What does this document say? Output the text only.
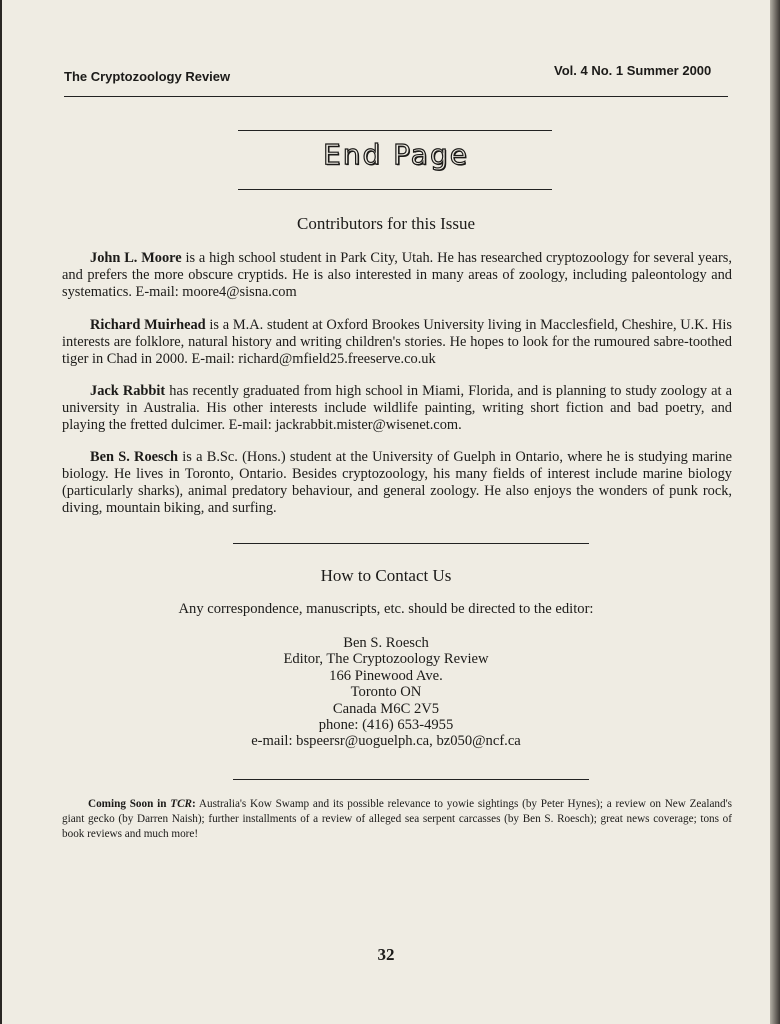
The Cryptozoology Review	Vol. 4 No. 1 Summer 2000
End Page
Contributors for this Issue
John L. Moore is a high school student in Park City, Utah. He has researched cryptozoology for several years, and prefers the more obscure cryptids. He is also interested in many areas of zoology, including paleontology and systematics. E-mail: moore4@sisna.com
Richard Muirhead is a M.A. student at Oxford Brookes University living in Macclesfield, Cheshire, U.K. His interests are folklore, natural history and writing children's stories. He hopes to look for the rumoured sabre-toothed tiger in Chad in 2000. E-mail: richard@mfield25.freeserve.co.uk
Jack Rabbit has recently graduated from high school in Miami, Florida, and is planning to study zoology at a university in Australia. His other interests include wildlife painting, writing short fiction and bad poetry, and playing the fretted dulcimer. E-mail: jackrabbit.mister@wisenet.com.
Ben S. Roesch is a B.Sc. (Hons.) student at the University of Guelph in Ontario, where he is studying marine biology. He lives in Toronto, Ontario. Besides cryptozoology, his many fields of interest include marine biology (particularly sharks), animal predatory behaviour, and general zoology. He also enjoys the wonders of punk rock, diving, mountain biking, and surfing.
How to Contact Us
Any correspondence, manuscripts, etc. should be directed to the editor:
Ben S. Roesch
Editor, The Cryptozoology Review
166 Pinewood Ave.
Toronto ON
Canada M6C 2V5
phone: (416) 653-4955
e-mail: bspeersr@uoguelph.ca, bz050@ncf.ca
Coming Soon in TCR: Australia's Kow Swamp and its possible relevance to yowie sightings (by Peter Hynes); a review on New Zealand's giant gecko (by Darren Naish); further installments of a review of alleged sea serpent carcasses (by Ben S. Roesch); great news coverage; tons of book reviews and much more!
32
